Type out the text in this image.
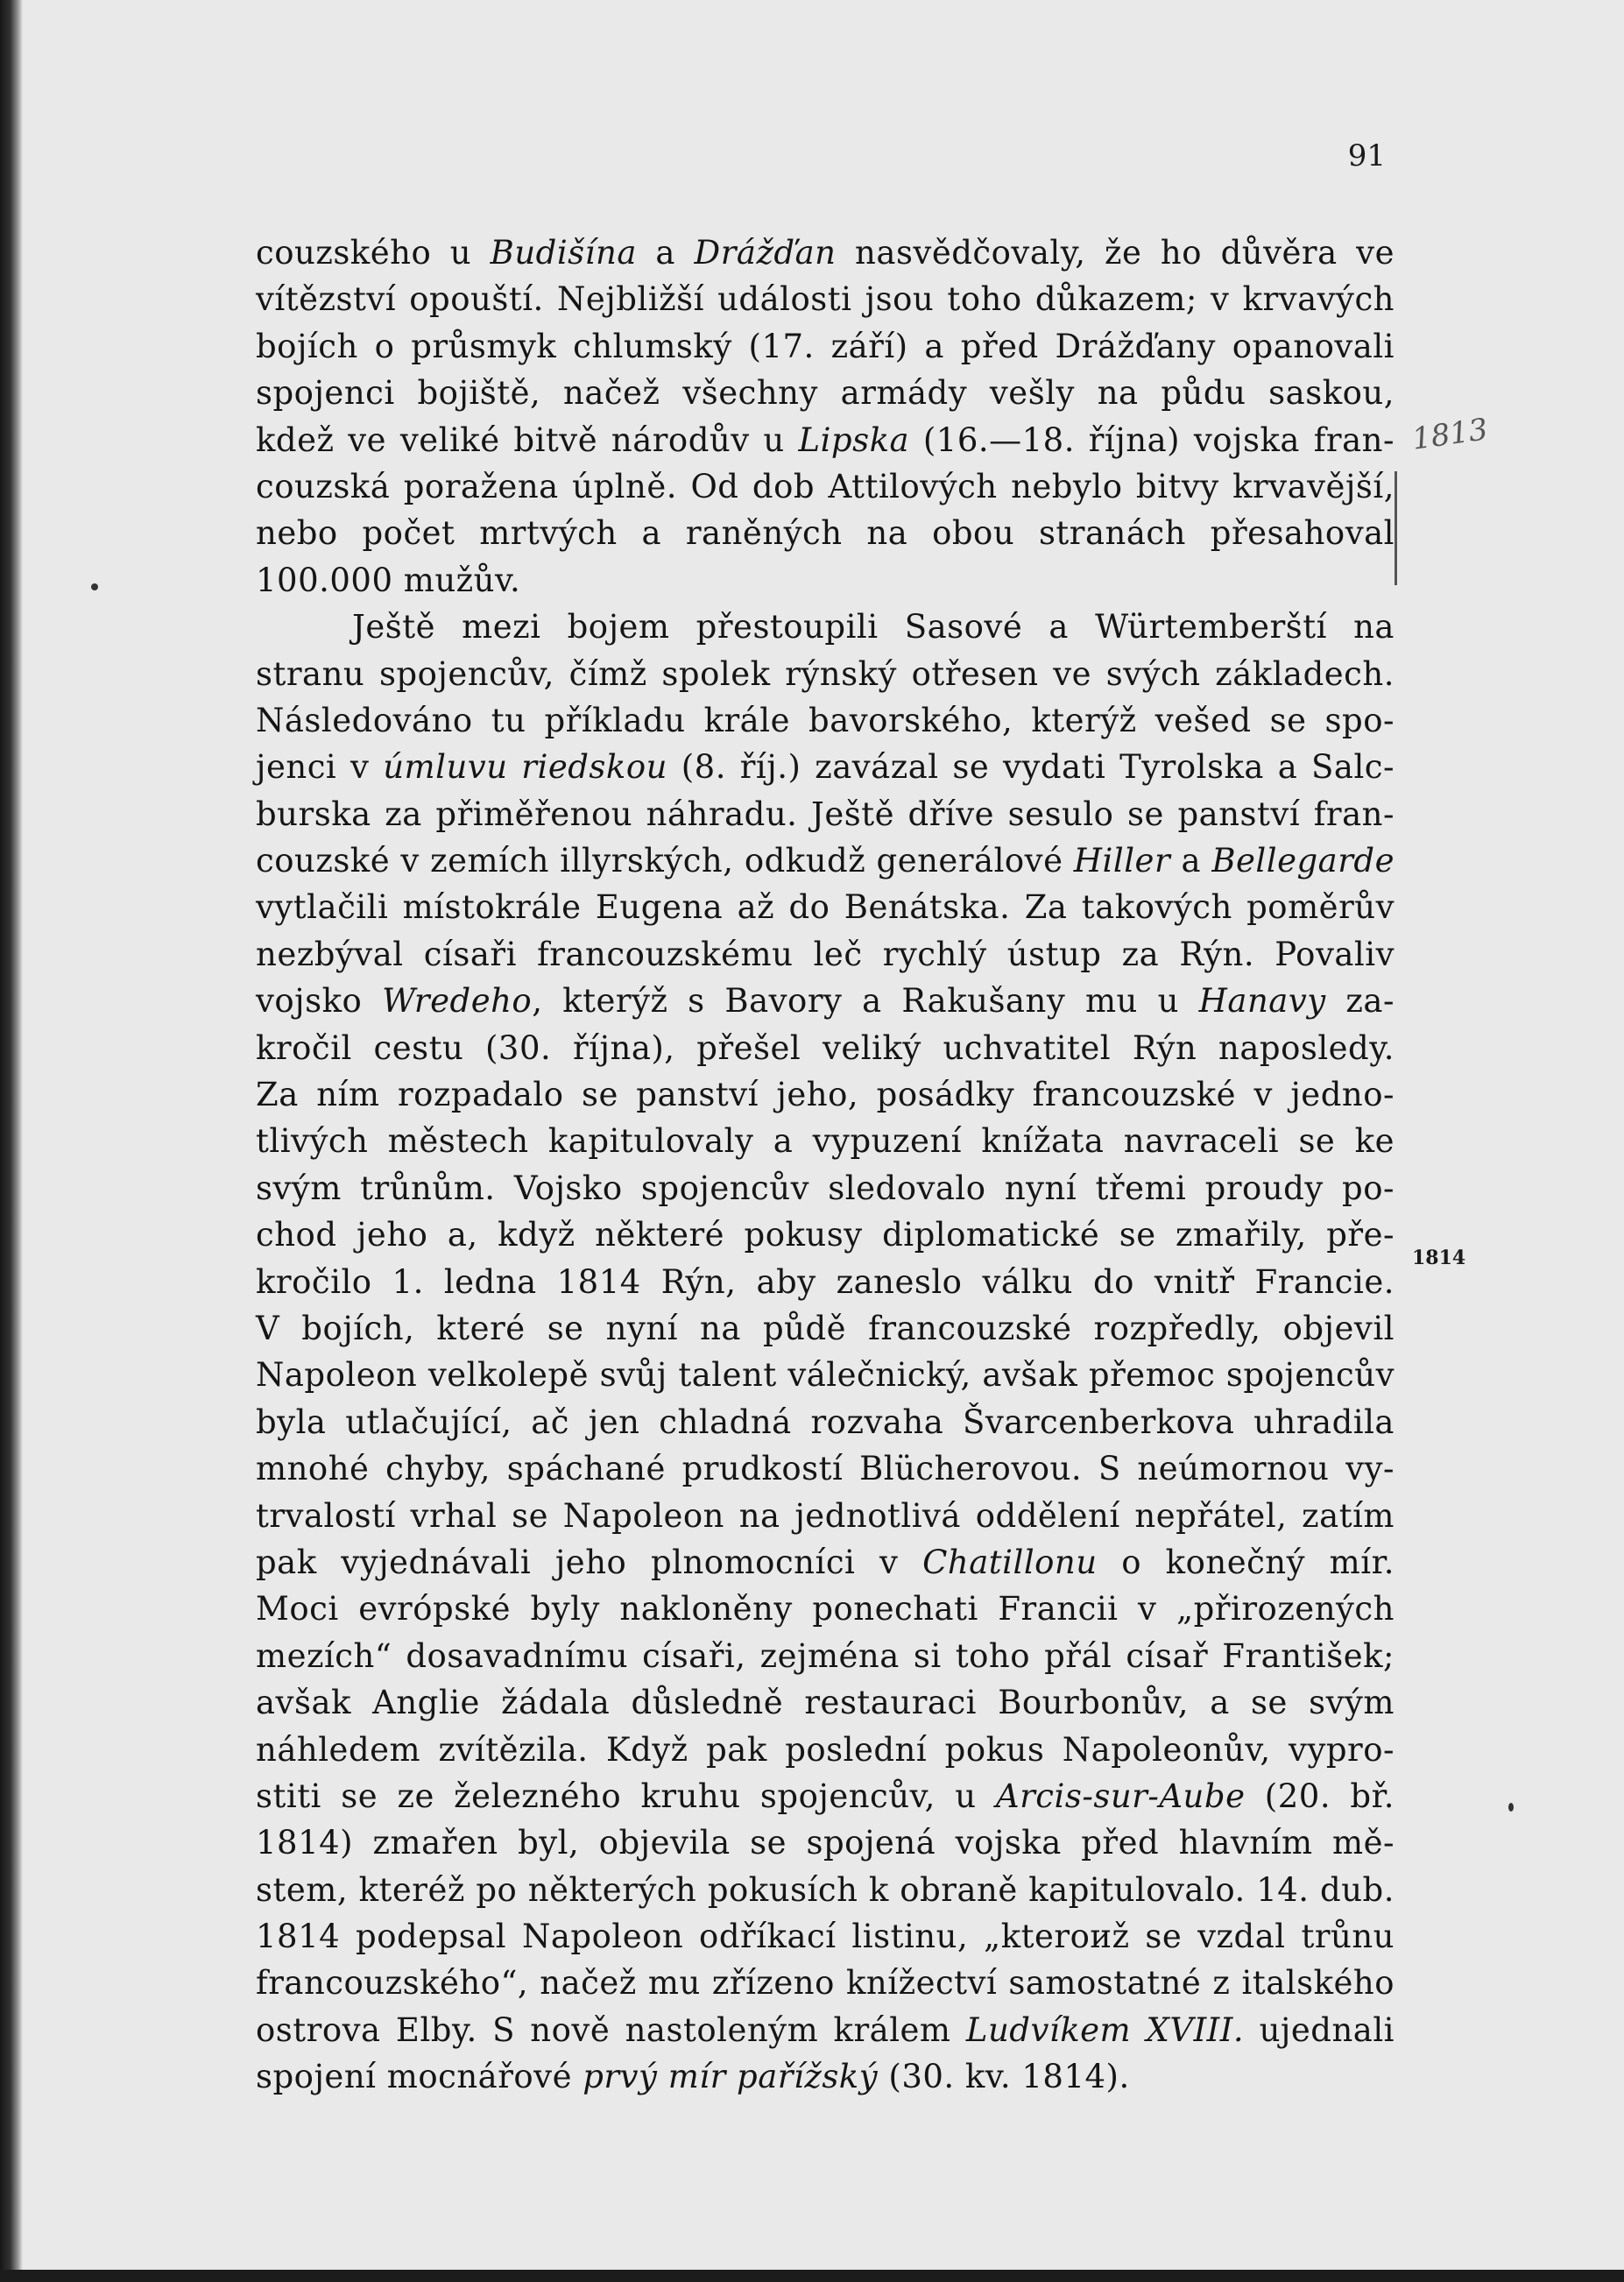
91
1813
1814
couzského u Budišína a Drážďan nasvědčovaly, že ho důvěra ve
vítězství opouští. Nejbližší události jsou toho důkazem; v krvavých
bojích o průsmyk chlumský (17. září) a před Drážďany opanovali
spojenci bojiště, načež všechny armády vešly na půdu saskou,
kdež ve veliké bitvě národův u Lipska (16.—18. října) vojska fran-
couzská poražena úplně. Od dob Attilových nebylo bitvy krvavější,
nebo počet mrtvých a raněných na obou stranách přesahoval
100.000 mužův.
Ještě mezi bojem přestoupili Sasové a Würtemberští na
stranu spojencův, čímž spolek rýnský otřesen ve svých základech.
Následováno tu příkladu krále bavorského, kterýž vešed se spo-
jenci v úmluvu riedskou (8. říj.) zavázal se vydati Tyrolska a Salc-
burska za přiměřenou náhradu. Ještě dříve sesulo se panství fran-
couzské v zemích illyrských, odkudž generálové Hiller a Bellegarde
vytlačili místokrále Eugena až do Benátska. Za takových poměrův
nezbýval císaři francouzskému leč rychlý ústup za Rýn. Povaliv
vojsko Wredeho, kterýž s Bavory a Rakušany mu u Hanavy za-
kročil cestu (30. října), přešel veliký uchvatitel Rýn naposledy.
Za ním rozpadalo se panství jeho, posádky francouzské v jedno-
tlivých městech kapitulovaly a vypuzení knížata navraceli se ke
svým trůnům. Vojsko spojencův sledovalo nyní třemi proudy po-
chod jeho a, když některé pokusy diplomatické se zmařily, pře-
kročilo 1. ledna 1814 Rýn, aby zaneslo válku do vnitř Francie.
V bojích, které se nyní na půdě francouzské rozpředly, objevil
Napoleon velkolepě svůj talent válečnický, avšak přemoc spojencův
byla utlačující, ač jen chladná rozvaha Švarcenberkova uhradila
mnohé chyby, spáchané prudkostí Blücherovou. S neúmornou vy-
trvalostí vrhal se Napoleon na jednotlivá oddělení nepřátel, zatím
pak vyjednávali jeho plnomocníci v Chatillonu o konečný mír.
Moci evrópské byly nakloněny ponechati Francii v „přirozených
mezích“ dosavadnímu císaři, zejména si toho přál císař František;
avšak Anglie žádala důsledně restauraci Bourbonův, a se svým
náhledem zvítězila. Když pak poslední pokus Napoleonův, vypro-
stiti se ze železného kruhu spojencův, u Arcis-sur-Aube (20. bř.
1814) zmařen byl, objevila se spojená vojska před hlavním mě-
stem, kteréž po některých pokusích k obraně kapitulovalo. 14. dub.
1814 podepsal Napoleon odříkací listinu, „kteroиž se vzdal trůnu
francouzského“, načež mu zřízeno knížectví samostatné z italského
ostrova Elby. S nově nastoleným králem Ludvíkem XVIII. ujednali
spojení mocnářové prvý mír pařížský (30. kv. 1814).
